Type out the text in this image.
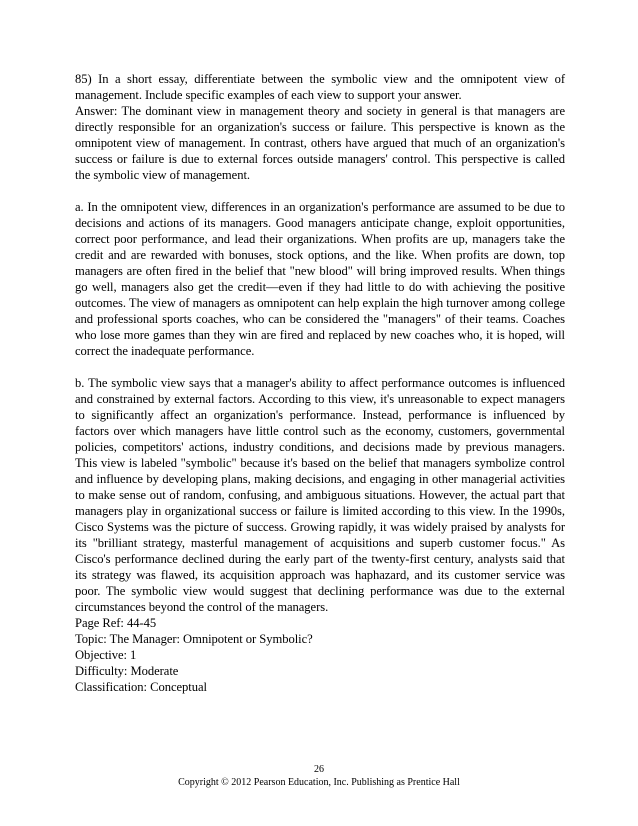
85) In a short essay, differentiate between the symbolic view and the omnipotent view of management. Include specific examples of each view to support your answer.

Answer: The dominant view in management theory and society in general is that managers are directly responsible for an organization's success or failure. This perspective is known as the omnipotent view of management. In contrast, others have argued that much of an organization's success or failure is due to external forces outside managers' control. This perspective is called the symbolic view of management.

a. In the omnipotent view, differences in an organization's performance are assumed to be due to decisions and actions of its managers. Good managers anticipate change, exploit opportunities, correct poor performance, and lead their organizations. When profits are up, managers take the credit and are rewarded with bonuses, stock options, and the like. When profits are down, top managers are often fired in the belief that "new blood" will bring improved results. When things go well, managers also get the credit—even if they had little to do with achieving the positive outcomes. The view of managers as omnipotent can help explain the high turnover among college and professional sports coaches, who can be considered the "managers" of their teams. Coaches who lose more games than they win are fired and replaced by new coaches who, it is hoped, will correct the inadequate performance.

b. The symbolic view says that a manager's ability to affect performance outcomes is influenced and constrained by external factors. According to this view, it's unreasonable to expect managers to significantly affect an organization's performance. Instead, performance is influenced by factors over which managers have little control such as the economy, customers, governmental policies, competitors' actions, industry conditions, and decisions made by previous managers. This view is labeled "symbolic" because it's based on the belief that managers symbolize control and influence by developing plans, making decisions, and engaging in other managerial activities to make sense out of random, confusing, and ambiguous situations. However, the actual part that managers play in organizational success or failure is limited according to this view. In the 1990s, Cisco Systems was the picture of success. Growing rapidly, it was widely praised by analysts for its "brilliant strategy, masterful management of acquisitions and superb customer focus." As Cisco's performance declined during the early part of the twenty-first century, analysts said that its strategy was flawed, its acquisition approach was haphazard, and its customer service was poor. The symbolic view would suggest that declining performance was due to the external circumstances beyond the control of the managers.

Page Ref: 44-45
Topic: The Manager: Omnipotent or Symbolic?
Objective: 1
Difficulty: Moderate
Classification: Conceptual
26
Copyright © 2012 Pearson Education, Inc. Publishing as Prentice Hall
